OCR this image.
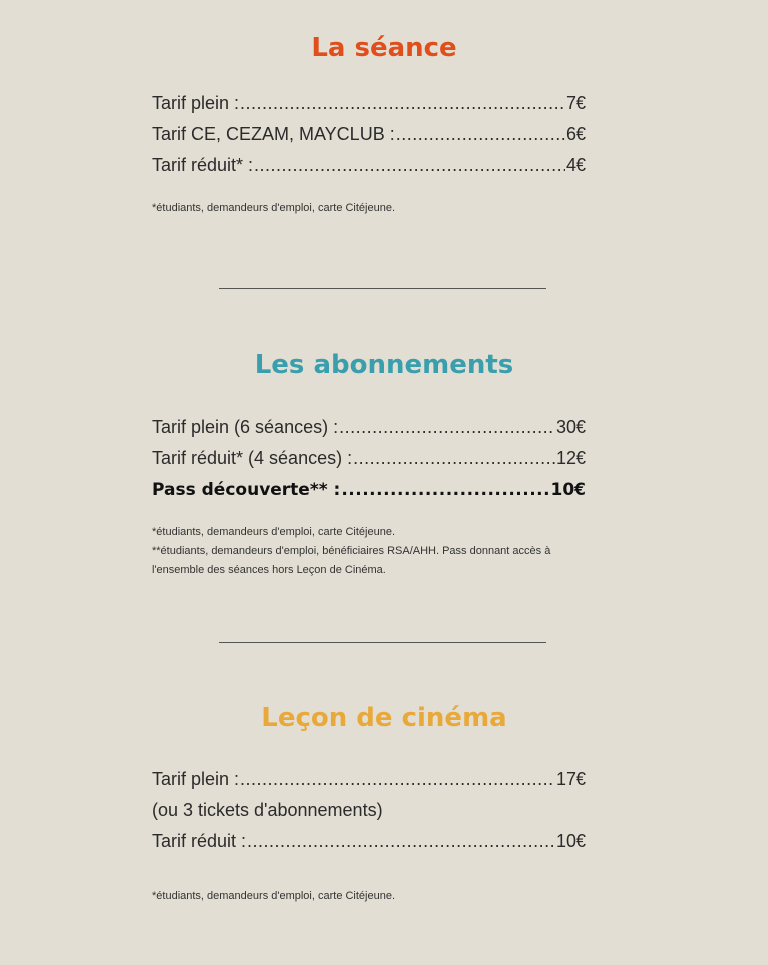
La séance
Tarif plein : .....	7€
Tarif CE, CEZAM, MAYCLUB : .....	6€
Tarif réduit* : .....	4€
*étudiants, demandeurs d'emploi, carte Citéjeune.
Les abonnements
Tarif plein (6 séances) : .....	30€
Tarif réduit* (4 séances) : .....	12€
Pass découverte** : .....	10€
*étudiants, demandeurs d'emploi, carte Citéjeune.
**étudiants, demandeurs d'emploi, bénéficiaires RSA/AHH. Pass donnant accès à
l'ensemble des séances hors Leçon de Cinéma.
Leçon de cinéma
Tarif plein : .....	17€
(ou 3 tickets d'abonnements)
Tarif réduit : .....	10€
*étudiants, demandeurs d'emploi, carte Citéjeune.
